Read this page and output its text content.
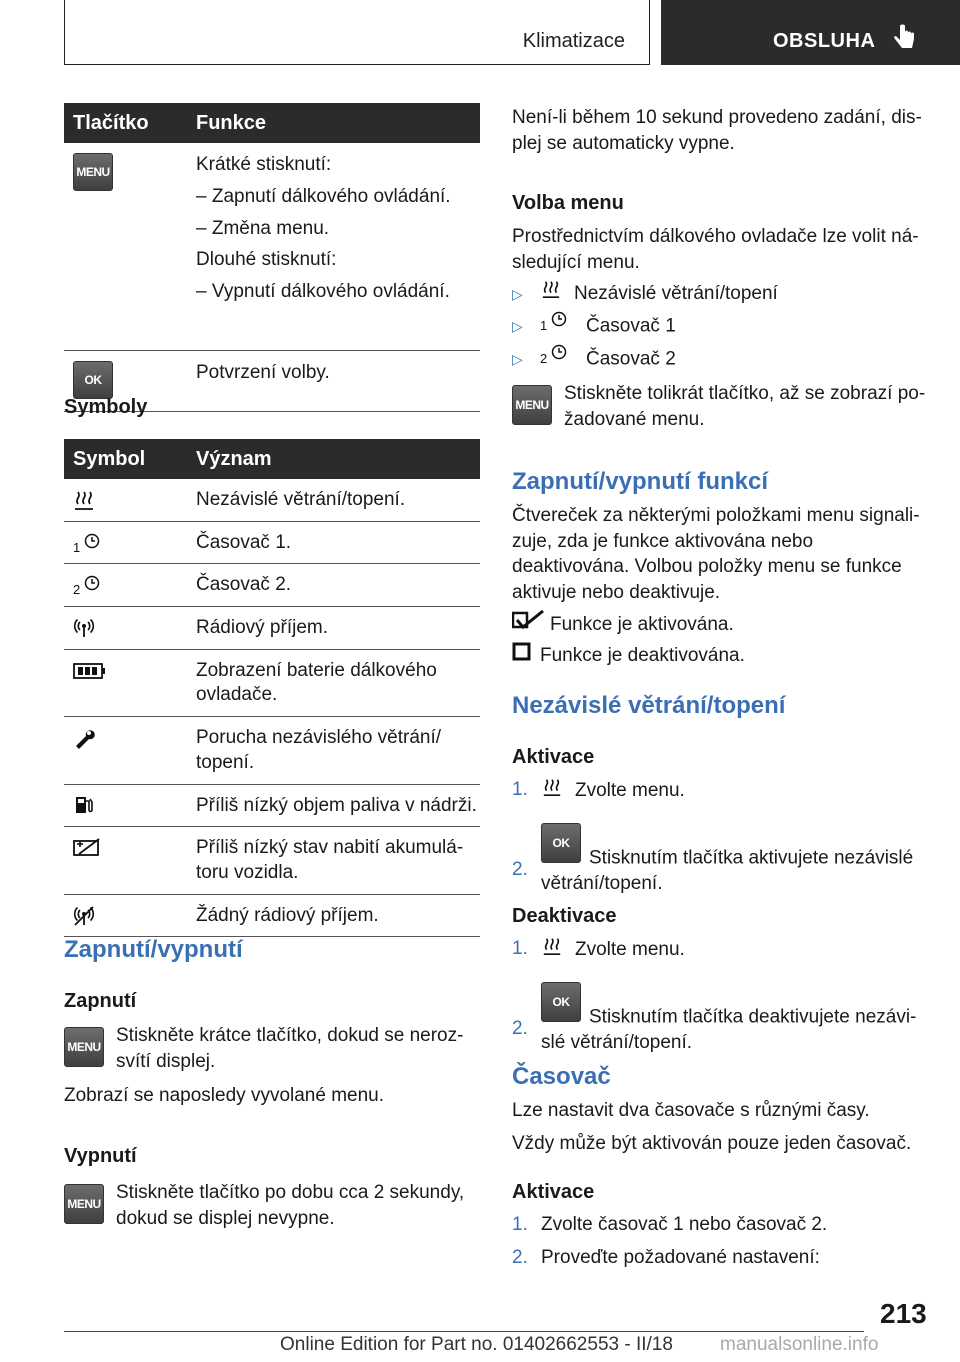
Klimatizace	OBSLUHA
Tlačítko	Funkce
MENU	Krátké stisknutí:

– Zapnutí dálkového ovládání.

– Změna menu.

Dlouhé stisknutí:

– Vypnutí dálkového ovládání.

OK	Potvrzení volby.

Symboly
Symbol	Význam

	Nezávislé větrání/topení.

1	Časovač 1.

2	Časovač 2.

	Rádiový příjem.

	Zobrazení baterie dálkového ovladače.

	Porucha nezávislého větrání/ topení.

	Příliš nízký objem paliva v nádrži.

	Příliš nízký stav nabití akumulá- toru vozidla.

	Žádný rádiový příjem.
Zapnutí/vypnutí
Zapnutí
MENU
Stiskněte krátce tlačítko, dokud se neroz- svítí displej.

Zobrazí se naposledy vyvolané menu.

Vypnutí
MENU
Stiskněte tlačítko po dobu cca 2 sekundy, dokud se displej nevypne.

Není-li během 10 sekund provedeno zadání, dis- plej se automaticky vypne.

Volba menu

Prostřednictvím dálkového ovladače lze volit ná- sledující menu.

▷	Nezávislé větrání/topení
▷ 1 Časovač 1
▷ 2 Časovač 2
MENU
Stiskněte tolikrát tlačítko, až se zobrazí po- žadované menu.
Zapnutí/vypnutí funkcí

Čtvereček za některými položkami menu signali- zuje, zda je funkce aktivována nebo deaktivována. Volbou položky menu se funkce aktivuje nebo deaktivuje.

Funkce je aktivována.
Funkce je deaktivována.
Nezávislé větrání/topení
Aktivace
1. Zvolte menu.
2.
OKStisknutím tlačítka aktivujete nezávislé větrání/topení.
Deaktivace
1. Zvolte menu.
2.
OKStisknutím tlačítka deaktivujete nezávi- slé větrání/topení.
Časovač

Lze nastavit dva časovače s různými časy.

Vždy může být aktivován pouze jeden časovač.

Aktivace
1. Zvolte časovač 1 nebo časovač 2.
2. Proveďte požadované nastavení:
213
Online Edition for Part no. 01402662553 - II/18 manualsonline.info
